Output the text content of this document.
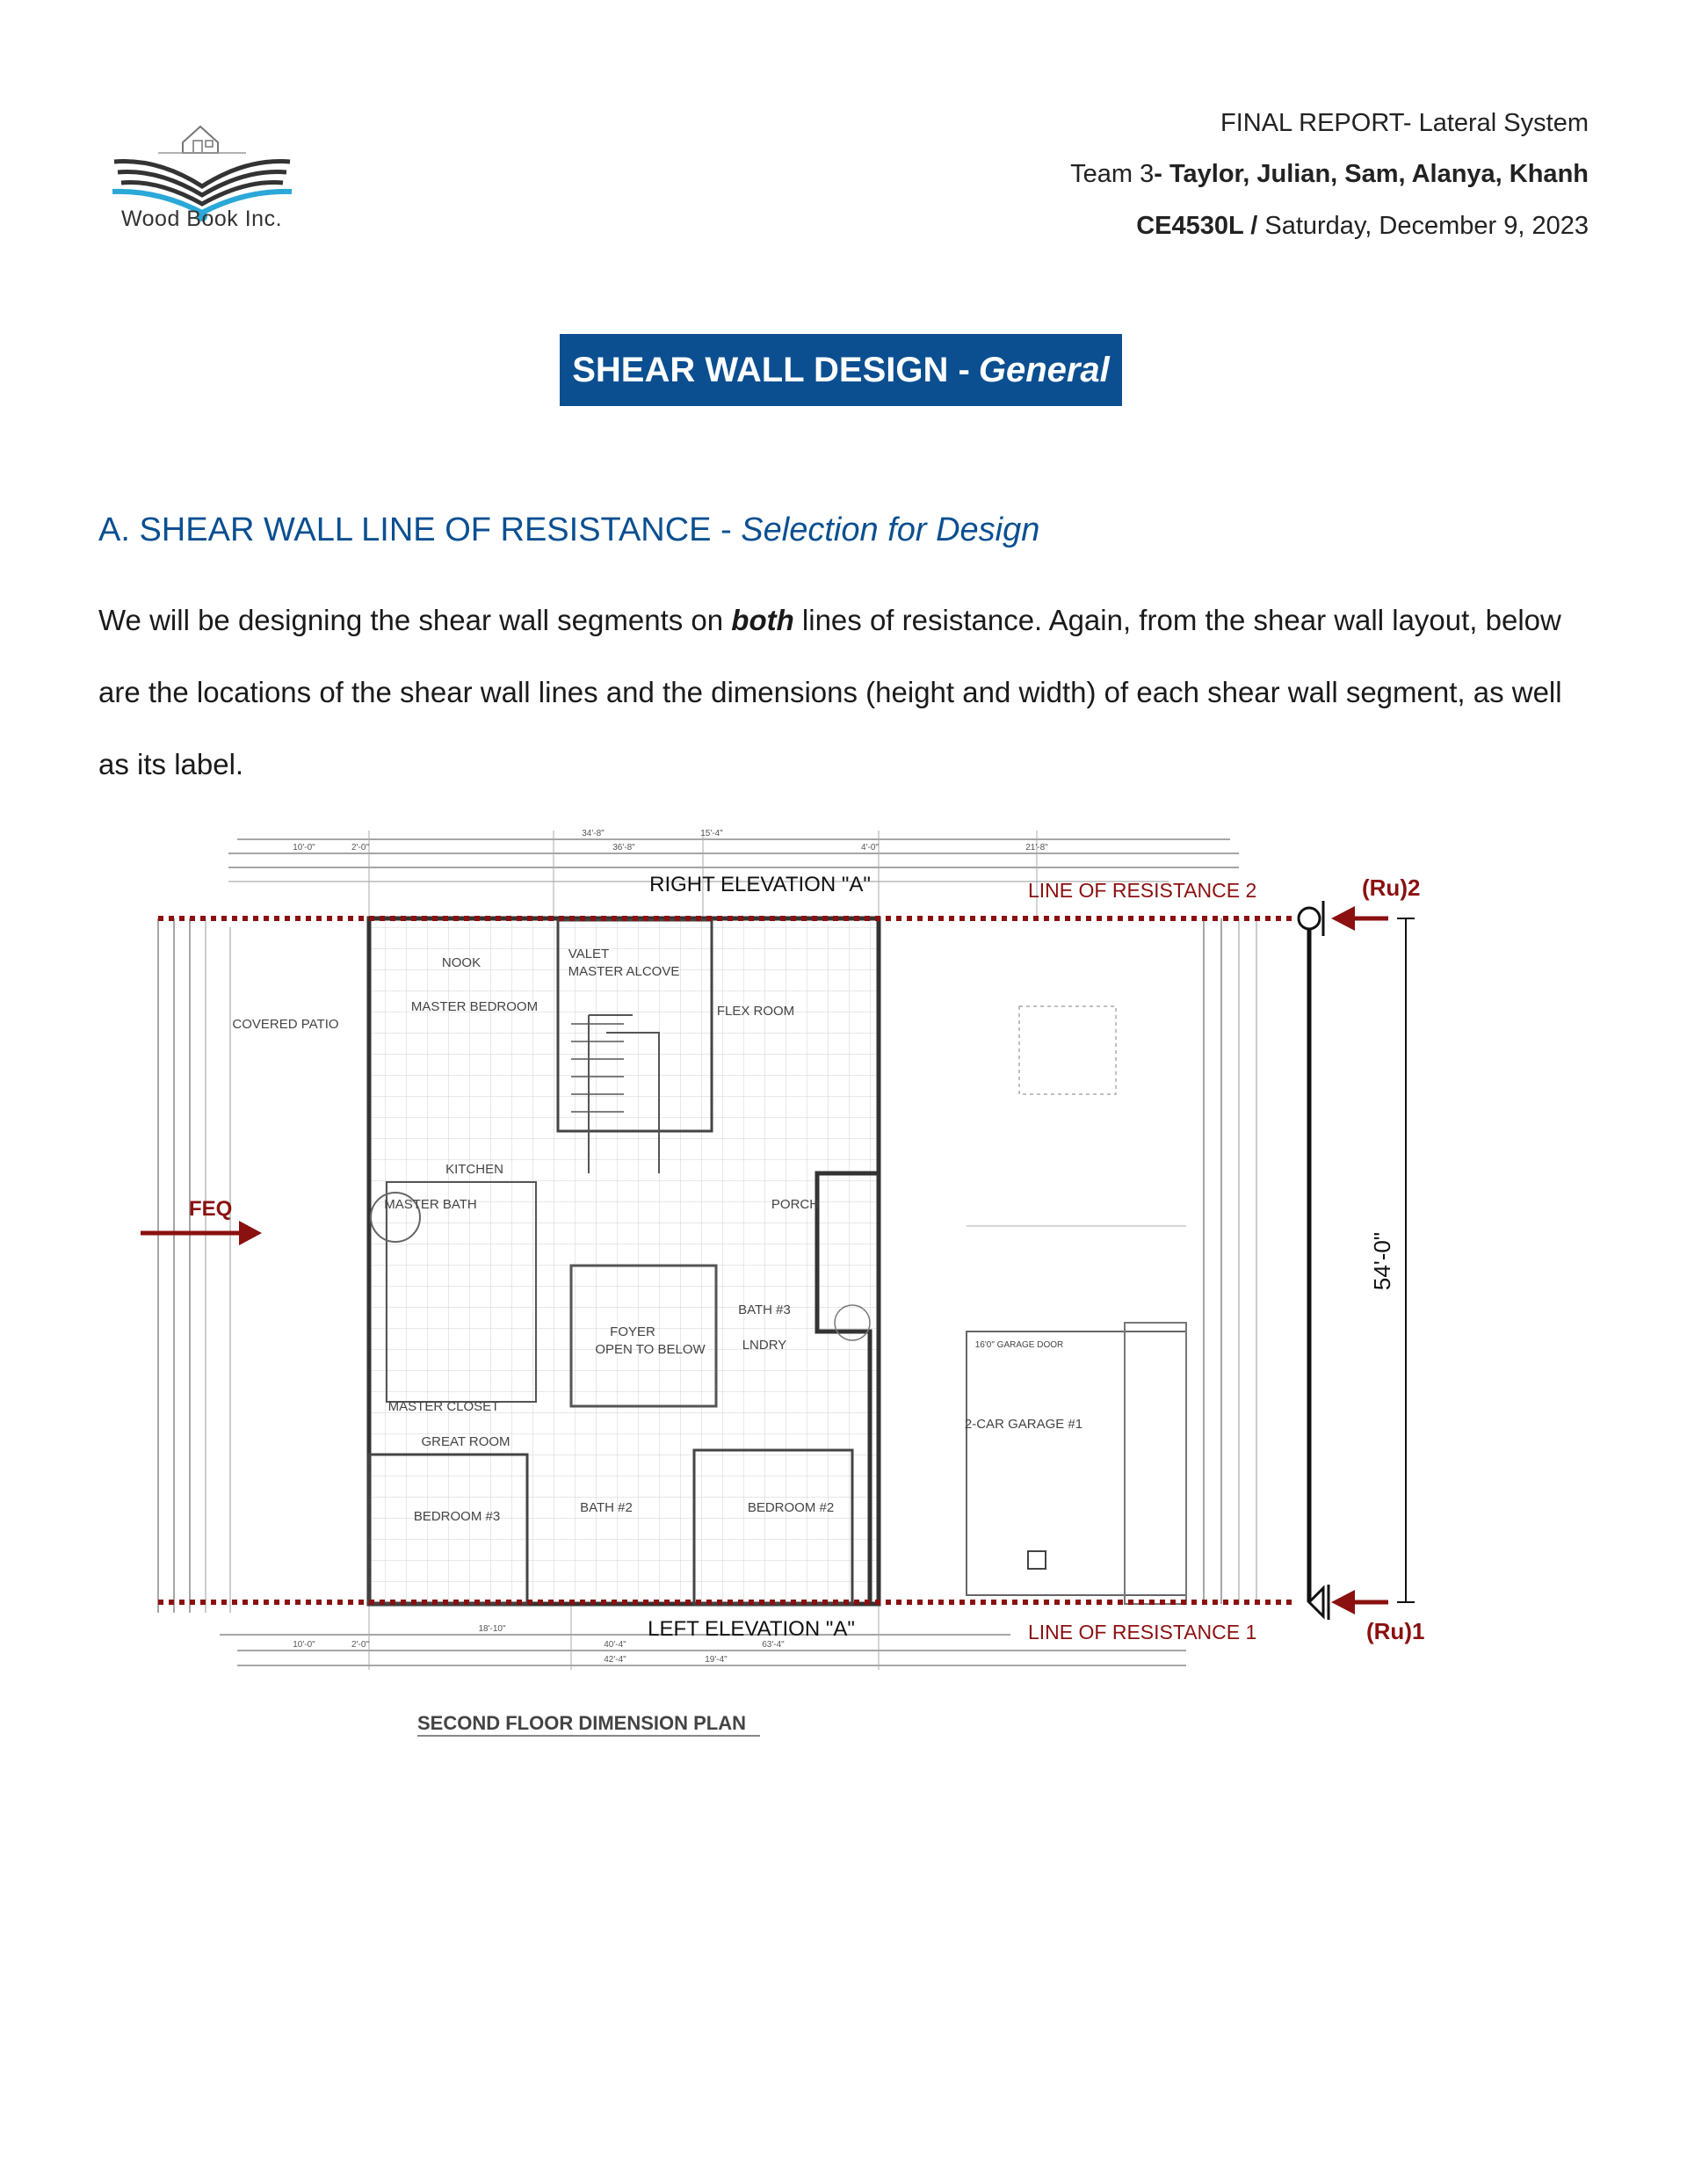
Wood Book Inc.
FINAL REPORT- Lateral System
Team 3- Taylor, Julian, Sam, Alanya, Khanh
CE4530L / Saturday, December 9, 2023
SHEAR WALL DESIGN - General
A. SHEAR WALL LINE OF RESISTANCE - Selection for Design
We will be designing the shear wall segments on both lines of resistance. Again, from the shear wall layout, below are the locations of the shear wall lines and the dimensions (height and width) of each shear wall segment, as well as its label.
NOOK
MASTER BEDROOM
VALET
MASTER ALCOVE
FLEX ROOM
COVERED PATIO
KITCHEN
MASTER BATH	PORCH
FOYER
OPEN TO BELOW
BATH #3
LNDRY
MASTER CLOSET
GREAT ROOM
BEDROOM #3
BATH #2	BEDROOM #2
2-CAR GARAGE #1
16'0" GARAGE DOOR
34'-8"	15'-4"
10'-0"	2'-0"	36'-8"	21'-8"
4'-0"
18'-10"
10'-0"	2'-0"
42'-4"
40'-4"
19'-4"
63'-4"
RIGHT ELEVATION "A"
LEFT ELEVATION "A"
LINE OF RESISTANCE 2
LINE OF RESISTANCE 1
54'-0"
(Ru)2
(Ru)1
FEQ
SECOND FLOOR DIMENSION PLAN
